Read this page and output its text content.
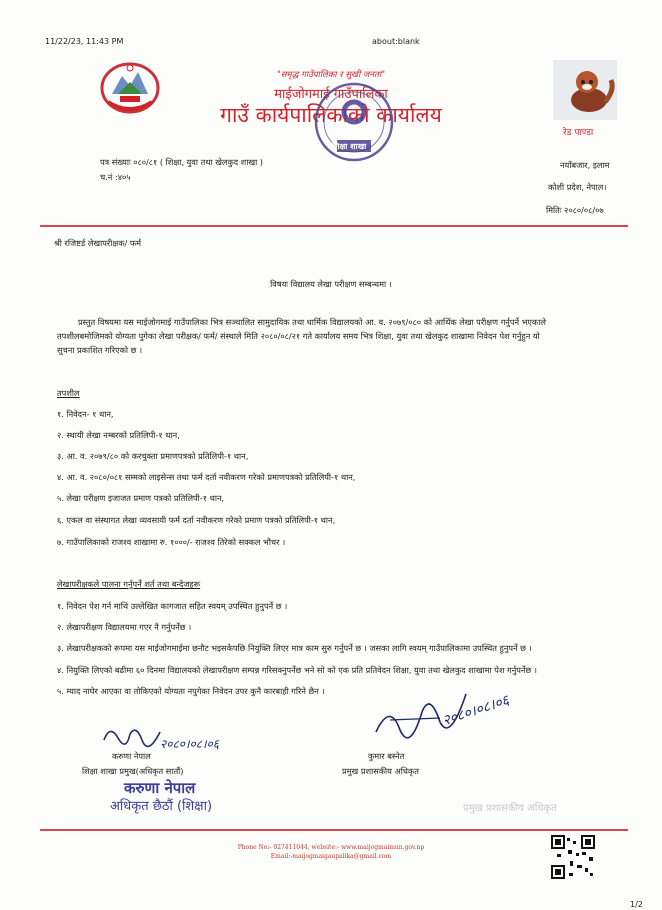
11/22/23, 11:43 PM	about:blank
रेड पाण्डा
"समृद्ध गाउँपालिका र सुखी जनता"
माईजोगमाई गाउँपालिका
गाउँ कार्यपालिकाको कार्यालय
शिक्षा शाखा
पत्र संख्याः ०८०/८१ ( शिक्षा, युवा तथा खेलकुद शाखा )
च.नं :४०५
नयाँबजार, इलाम
कोशी प्रदेश, नेपाल।
मितिः २०८०/०८/०७
श्री रजिष्टर्ड लेखापरीक्षक/ फर्म
विषयः विद्यालय लेखा परीक्षण सम्बन्धमा ।
प्रस्तुत विषयमा यस माईजोगमाई गाउँपालिका भित्र सञ्चालित सामुदायिक तथा धार्मिक विद्यालयको आ. व. २०७९/०८० को आर्थिक लेखा परीक्षण गर्नुपर्ने भएकाले
तपशीलबमोजिमको योग्यता पुगेका लेखा परीक्षक/ फर्म/ संस्थाले मिति २०८०/०८/२१ गते कार्यालय समय भित्र शिक्षा, युवा तथा खेलकुद शाखामा निवेदन पेश गर्नुहुन यो
सुचना प्रकाशित गरिएको छ ।
तपशील
१. निवेदन- १ थान,
२. स्थायी लेखा नम्बरको प्रतिलिपी-१ थान,
३. आ. व. २०७९/८० को करचुक्ता प्रमाणपत्रको प्रतिलिपी-१ थान,
४. आ. व. २०८०/०८१ सम्मको लाइसेन्स तथा फर्म दर्ता नवीकरण गरेको प्रमाणपत्रको प्रतिलिपी-१ थान,
५. लेखा परीक्षण इजाजत प्रमाण पत्रको प्रतिलिपी-१ थान,
६. एकल वा संस्थागत लेखा व्यवसायी फर्म दर्ता नवीकरण गरेको प्रमाण पत्रको प्रतिलिपी-१ थान,
७. गाउँपालिकाको राजश्व शाखामा रु. १०००/- राजश्व तिरेको सक्कल भौचर ।
लेखापरीक्षकले पालना गर्नुपर्ने शर्त तथा बन्देजहरू
१. निवेदन पेश गर्न माथि उल्लेखित कागजात सहित स्वयम् उपस्थित हुनुपर्ने छ ।
२. लेखापरीक्षण विद्यालयमा गएर नै गर्नुपर्नेछ ।
३. लेखापरीक्षकको रूपमा यस माईजोगमाईमा छनौट भइसकेपछि नियुक्ति लिएर मात्र काम सुरु गर्नुपर्ने छ । जसका लागि स्वयम् गाउँपालिकामा उपस्थित हुनुपर्ने छ ।
४. नियुक्ति लिएको बढीमा ६० दिनमा विद्यालयको लेखापरीक्षण सम्पन्न गरिसक्नुपर्नेछ भने सो को एक प्रति प्रतिवेदन शिक्षा, युवा तथा खेलकुद शाखामा पेश गर्नुपर्नेछ ।
५. म्याद नाघेर आएका वा तोकिएको योग्यता नपुगेका निवेदन उपर कुनै कारबाही गरिने छैन ।
२०८०।०८।०६
करुणा नेपाल
शिक्षा शाखा प्रमुख(अधिकृत सातौं)
करुणा नेपाल
अधिकृत छैठौं (शिक्षा)
२०८०।०८।०६
कुमार बस्नेत
प्रमुख प्रशासकीय अधिकृत
प्रमुख प्रशासकीय अधिकृत
Phone No:- 027411044, website:- www.maijogmaimun.gov.np
Email:-maijogmaigaupalika@gmail.com
1/2
